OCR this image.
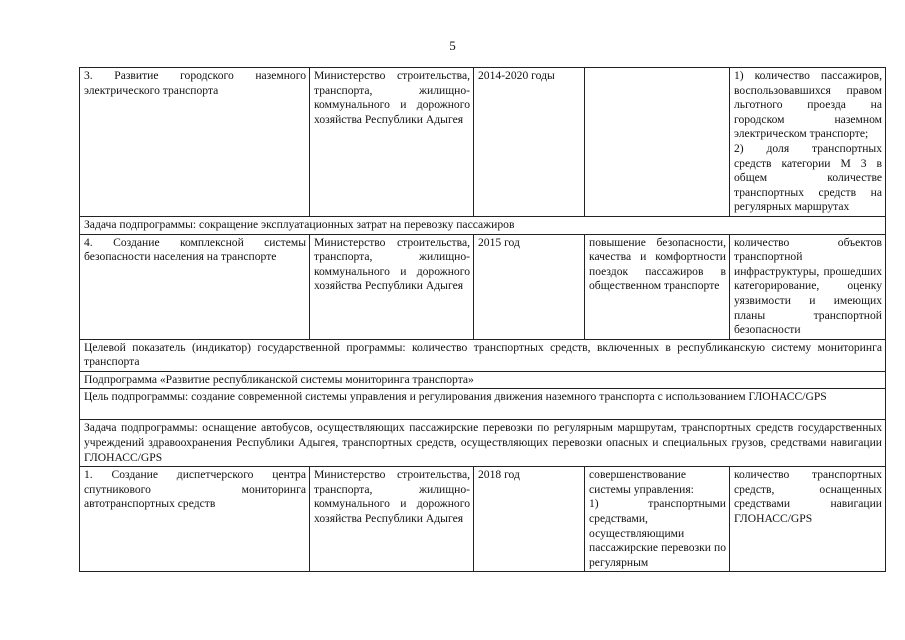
5
3. Развитие городского наземного электрического транспорта	Министерство строительства, транспорта, жилищно-коммунального и дорожного хозяйства Республики Адыгея	2014-2020 годы		1) количество пассажиров, воспользовавшихся правом льготного проезда на городском наземном электрическом транспорте;
2) доля транспортных средств категории М 3 в общем количестве транспортных средств на регулярных маршрутах

Задача подпрограммы: сокращение эксплуатационных затрат на перевозку пассажиров				
4. Создание комплексной системы безопасности населения на транспорте	Министерство строительства, транспорта, жилищно-коммунального и дорожного хозяйства Республики Адыгея	2015 год	повышение безопасности, качества и комфортности поездок пассажиров в общественном транспорте	количество объектов транспортной инфраструктуры, прошедших категорирование, оценку уязвимости и имеющих планы транспортной безопасности
Целевой показатель (индикатор) государственной программы: количество транспортных средств, включенных в республиканскую систему мониторинга транспорта				
Подпрограмма «Развитие республиканской системы мониторинга транспорта»				
Цель подпрограммы: создание современной системы управления и регулирования движения наземного транспорта с использованием ГЛОНАСС/GPS				
Задача подпрограммы: оснащение автобусов, осуществляющих пассажирские перевозки по регулярным маршрутам, транспортных средств государственных учреждений здравоохранения Республики Адыгея, транспортных средств, осуществляющих перевозки опасных и специальных грузов, средствами навигации ГЛОНАСС/GPS				
1. Создание диспетчерского центра спутникового мониторинга автотранспортных средств	Министерство строительства, транспорта, жилищно-коммунального и дорожного хозяйства Республики Адыгея	2018 год	совершенствование системы управления:
1) транспортными средствами, осуществляющими пассажирские перевозки по регулярным	количество транспортных средств, оснащенных средствами навигации ГЛОНАСС/GPS
